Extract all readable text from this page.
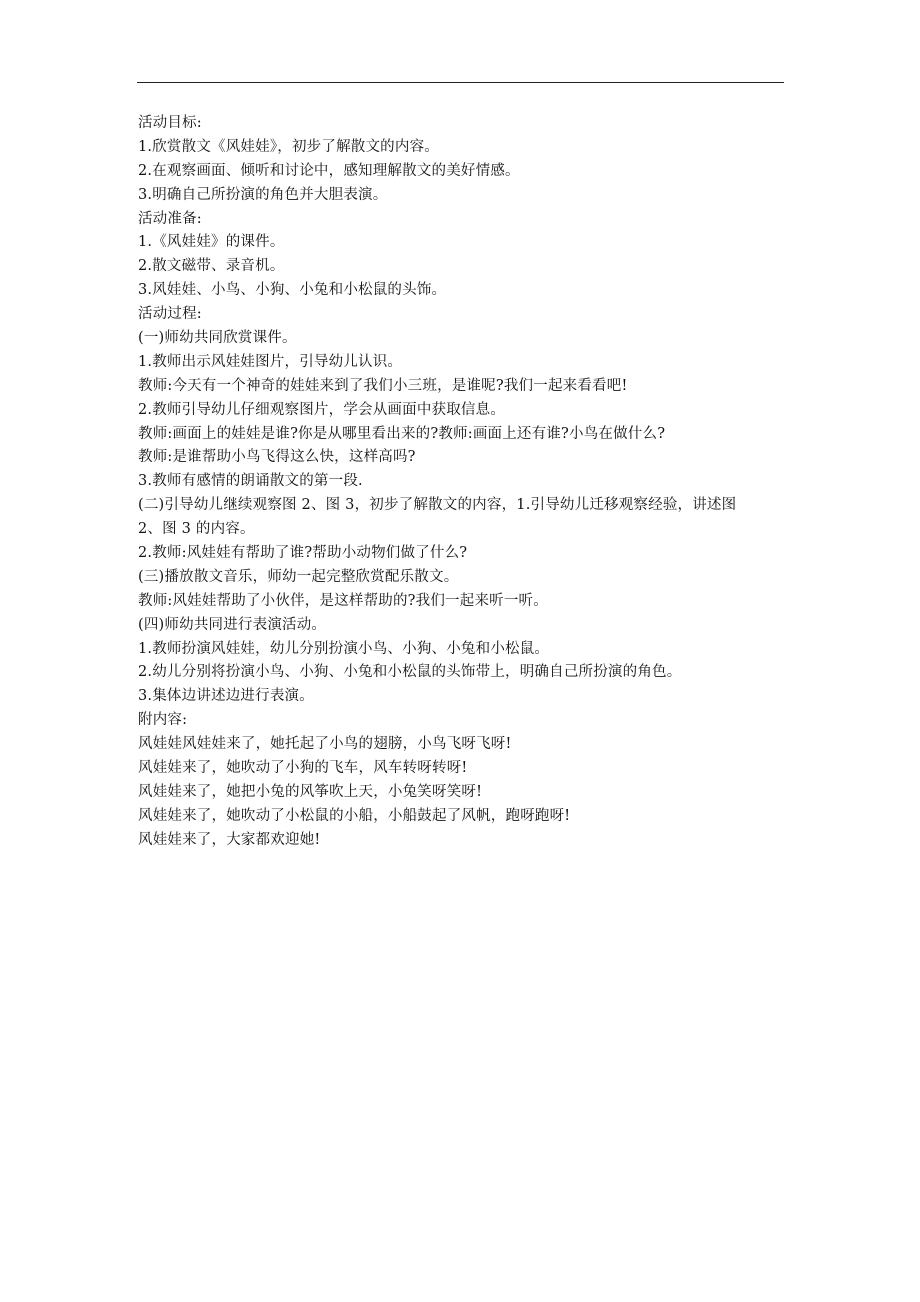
活动目标:
1.欣赏散文《风娃娃》，初步了解散文的内容。
2.在观察画面、倾听和讨论中，感知理解散文的美好情感。
3.明确自己所扮演的角色并大胆表演。
活动准备:
1.《风娃娃》的课件。
2.散文磁带、录音机。
3.风娃娃、小鸟、小狗、小兔和小松鼠的头饰。
活动过程:
(一)师幼共同欣赏课件。
1.教师出示风娃娃图片，引导幼儿认识。
教师:今天有一个神奇的娃娃来到了我们小三班，是谁呢?我们一起来看看吧!
2.教师引导幼儿仔细观察图片，学会从画面中获取信息。
教师:画面上的娃娃是谁?你是从哪里看出来的?教师:画面上还有谁?小鸟在做什么?
教师:是谁帮助小鸟飞得这么快，这样高吗?
3.教师有感情的朗诵散文的第一段.
(二)引导幼儿继续观察图 2、图 3，初步了解散文的内容，1.引导幼儿迁移观察经验，讲述图
2、图 3 的内容。
2.教师:风娃娃有帮助了谁?帮助小动物们做了什么?
(三)播放散文音乐，师幼一起完整欣赏配乐散文。
教师:风娃娃帮助了小伙伴，是这样帮助的?我们一起来听一听。
(四)师幼共同进行表演活动。
1.教师扮演风娃娃，幼儿分别扮演小鸟、小狗、小兔和小松鼠。
2.幼儿分别将扮演小鸟、小狗、小兔和小松鼠的头饰带上，明确自己所扮演的角色。
3.集体边讲述边进行表演。
附内容:
风娃娃风娃娃来了，她托起了小鸟的翅膀，小鸟飞呀飞呀!
风娃娃来了，她吹动了小狗的飞车，风车转呀转呀!
风娃娃来了，她把小兔的风筝吹上天，小兔笑呀笑呀!
风娃娃来了，她吹动了小松鼠的小船，小船鼓起了风帆，跑呀跑呀!
风娃娃来了，大家都欢迎她!
